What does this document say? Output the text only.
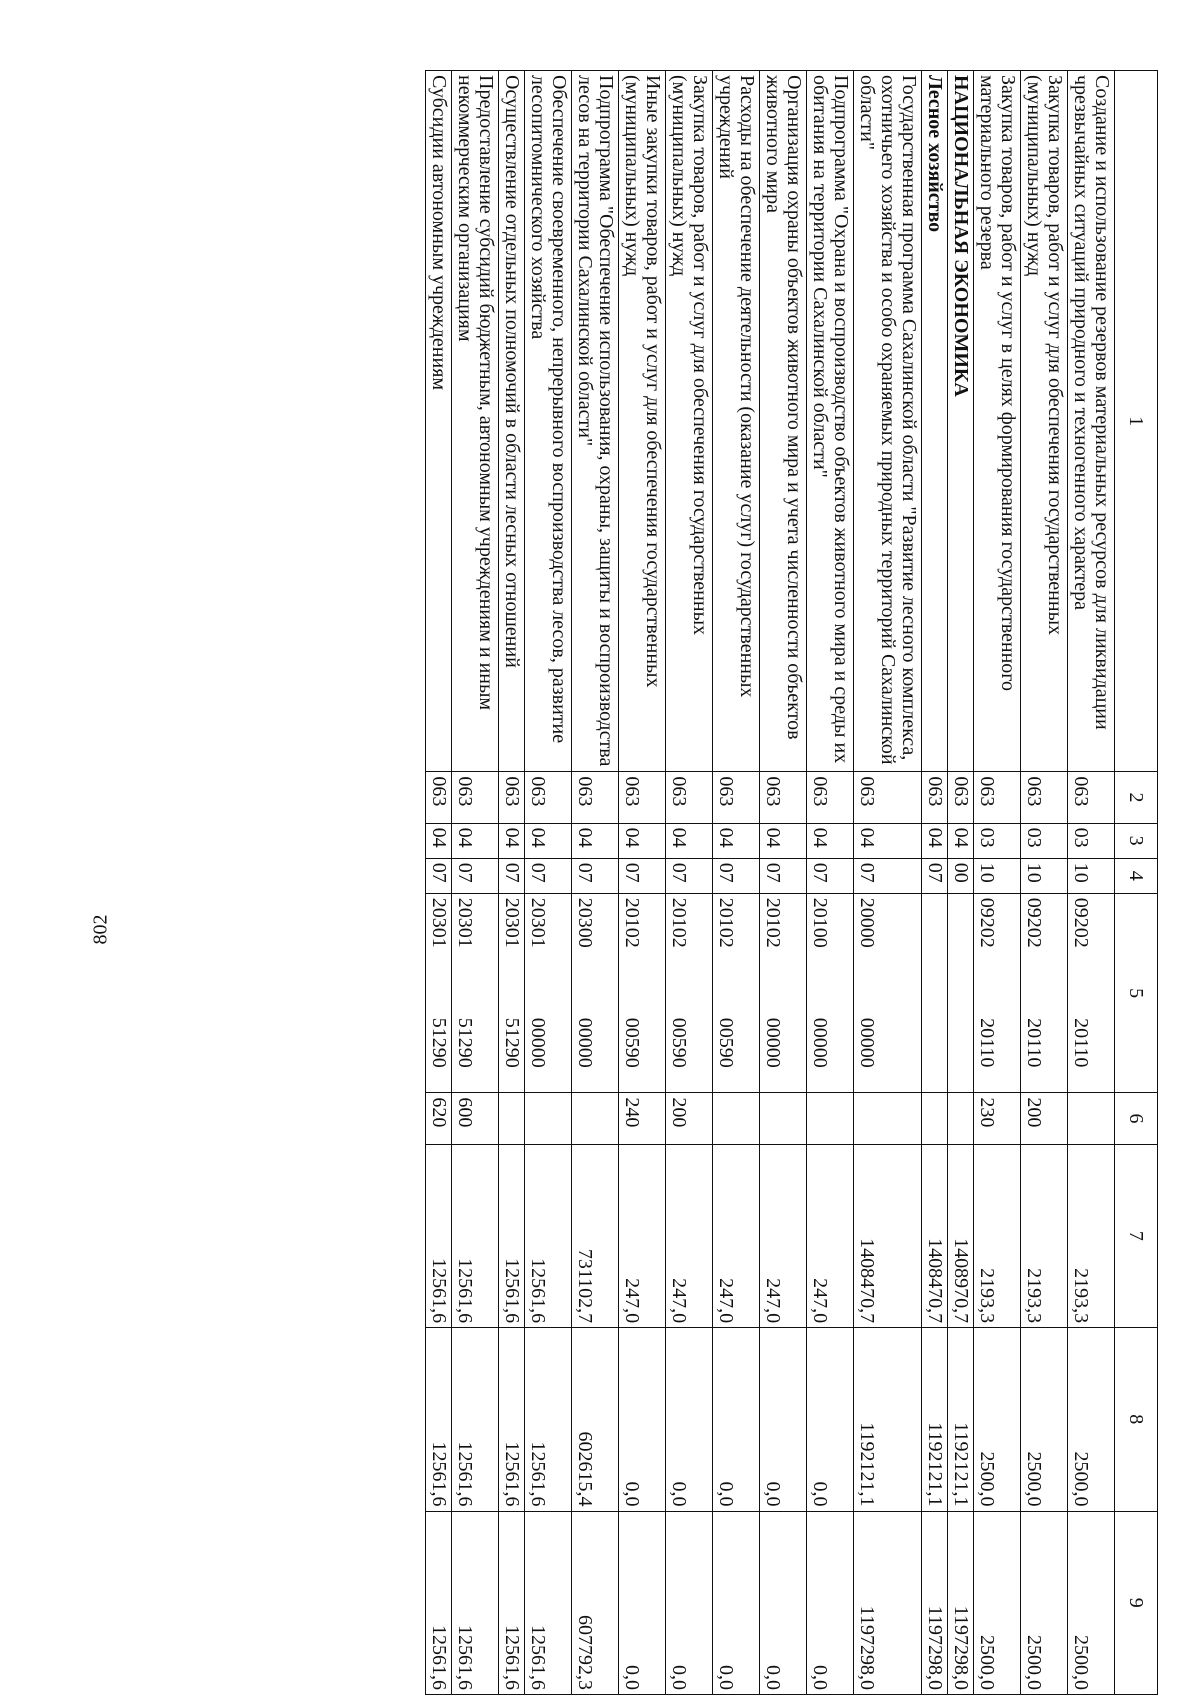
802
1	2	3	4	5		6	7	8	9
Создание и использование резервов материальных ресурсов для ликвидации чрезвычайных ситуаций природного и техногенного характера	063	03	10	09202	20110		2193,3	2500,0	2500,0
Закупка товаров, работ и услуг для обеспечения государственных (муниципальных) нужд	063	03	10	09202	20110	200	2193,3	2500,0	2500,0
Закупка товаров, работ и услуг в целях формирования государственного материального резерва	063	03	10	09202	20110	230	2193,3	2500,0	2500,0
НАЦИОНАЛЬНАЯ ЭКОНОМИКА	063	04	00				1408970,7	1192121,1	1197298,0
Лесное хозяйство	063	04	07				1408470,7	1192121,1	1197298,0
Государственная программа Сахалинской области "Развитие лесного комплекса, охотничьего хозяйства и особо охраняемых природных территорий Сахалинской области"	063	04	07	20000	00000		1408470,7	1192121,1	1197298,0
Подпрограмма "Охрана и воспроизводство объектов животного мира и среды их обитания на территории Сахалинской области"	063	04	07	20100	00000		247,0	0,0	0,0
Организация охраны объектов животного мира и учета численности объектов животного мира	063	04	07	20102	00000		247,0	0,0	0,0
Расходы на обеспечение деятельности (оказание услуг) государственных учреждений	063	04	07	20102	00590		247,0	0,0	0,0
Закупка товаров, работ и услуг для обеспечения государственных (муниципальных) нужд	063	04	07	20102	00590	200	247,0	0,0	0,0
Иные закупки товаров, работ и услуг для обеспечения государственных (муниципальных) нужд	063	04	07	20102	00590	240	247,0	0,0	0,0
Подпрограмма "Обеспечение использования, охраны, защиты и воспроизводства лесов на территории Сахалинской области"	063	04	07	20300	00000		731102,7	602615,4	607792,3
Обеспечение своевременного, непрерывного воспроизводства лесов, развитие лесопитомнического хозяйства	063	04	07	20301	00000		12561,6	12561,6	12561,6
Осуществление отдельных полномочий в области лесных отношений	063	04	07	20301	51290		12561,6	12561,6	12561,6
Предоставление субсидий бюджетным, автономным учреждениям и иным некоммерческим организациям	063	04	07	20301	51290	600	12561,6	12561,6	12561,6
Субсидии автономным учреждениям	063	04	07	20301	51290	620	12561,6	12561,6	12561,6
